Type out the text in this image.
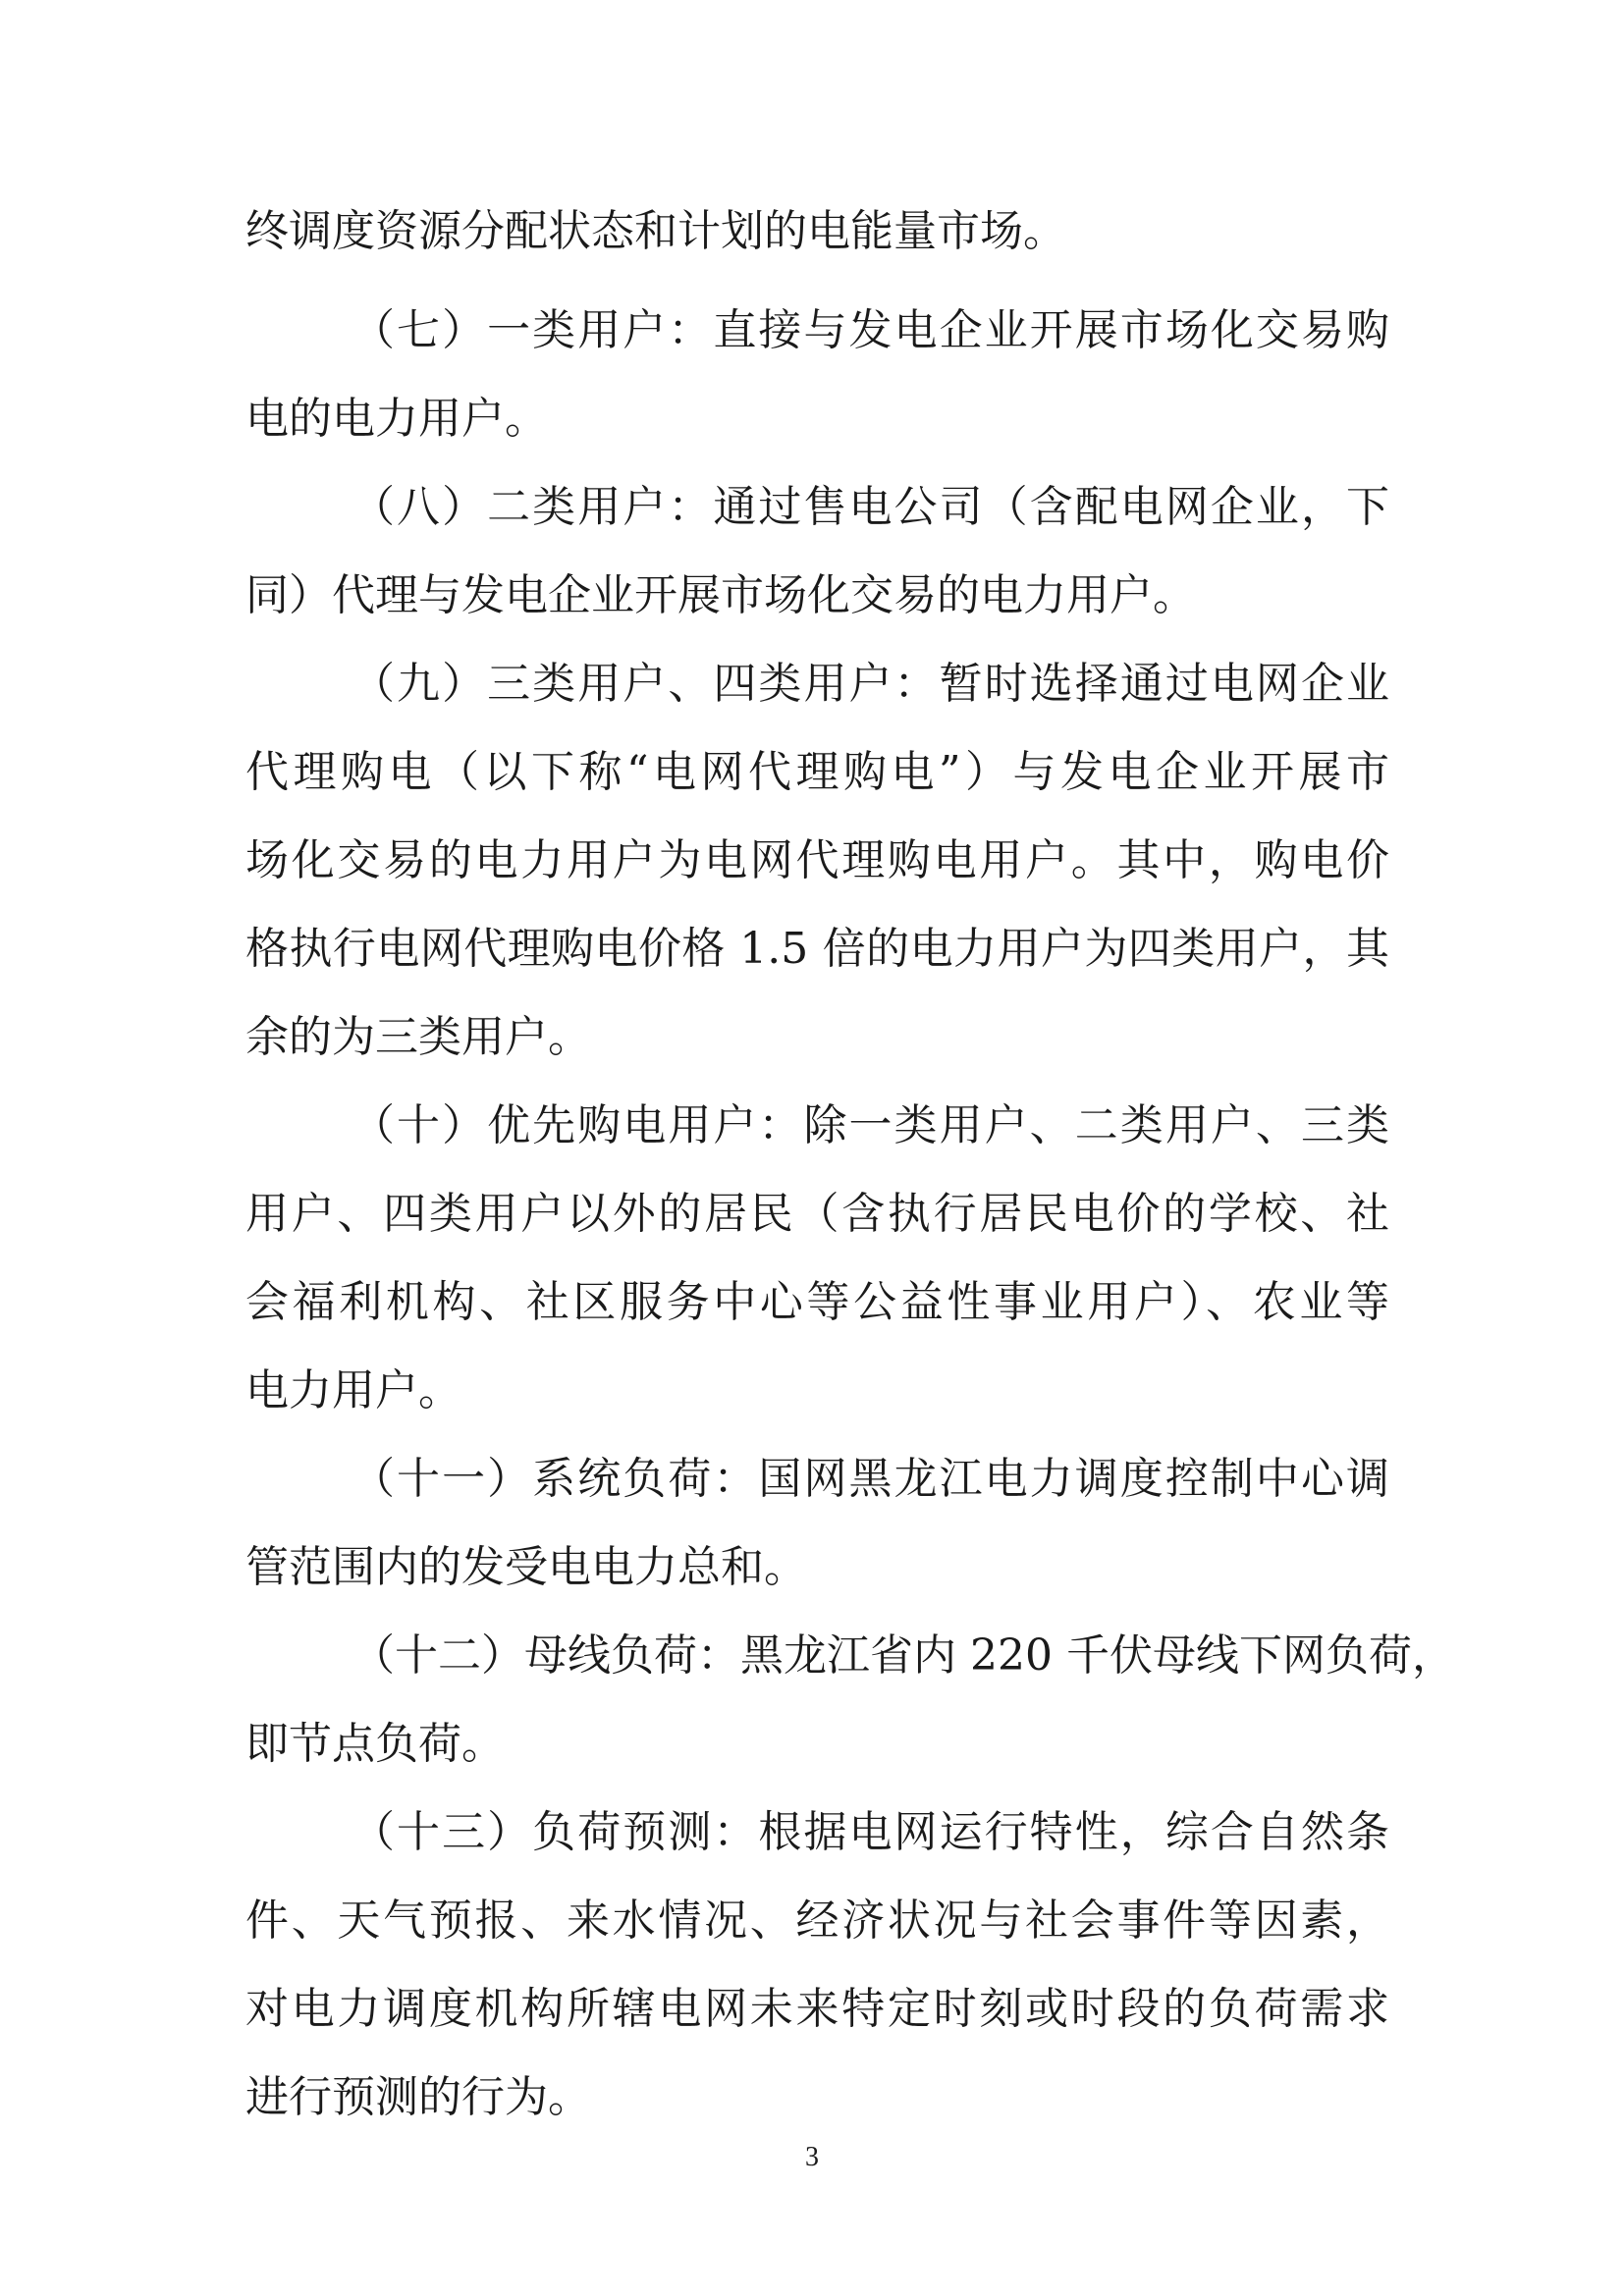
终调度资源分配状态和计划的电能量市场。
（七）一类用户：直接与发电企业开展市场化交易购
电的电力用户。
（八）二类用户：通过售电公司（含配电网企业，下
同）代理与发电企业开展市场化交易的电力用户。
（九）三类用户、四类用户：暂时选择通过电网企业
代理购电（以下称“电网代理购电”）与发电企业开展市
场化交易的电力用户为电网代理购电用户。其中，购电价
格执行电网代理购电价格 1.5 倍的电力用户为四类用户，其
余的为三类用户。
（十）优先购电用户：除一类用户、二类用户、三类
用户、四类用户以外的居民（含执行居民电价的学校、社
会福利机构、社区服务中心等公益性事业用户）、农业等
电力用户。
（十一）系统负荷：国网黑龙江电力调度控制中心调
管范围内的发受电电力总和。
（十二）母线负荷：黑龙江省内 220 千伏母线下网负荷，
即节点负荷。
（十三）负荷预测：根据电网运行特性，综合自然条
件、天气预报、来水情况、经济状况与社会事件等因素，
对电力调度机构所辖电网未来特定时刻或时段的负荷需求
进行预测的行为。
3
